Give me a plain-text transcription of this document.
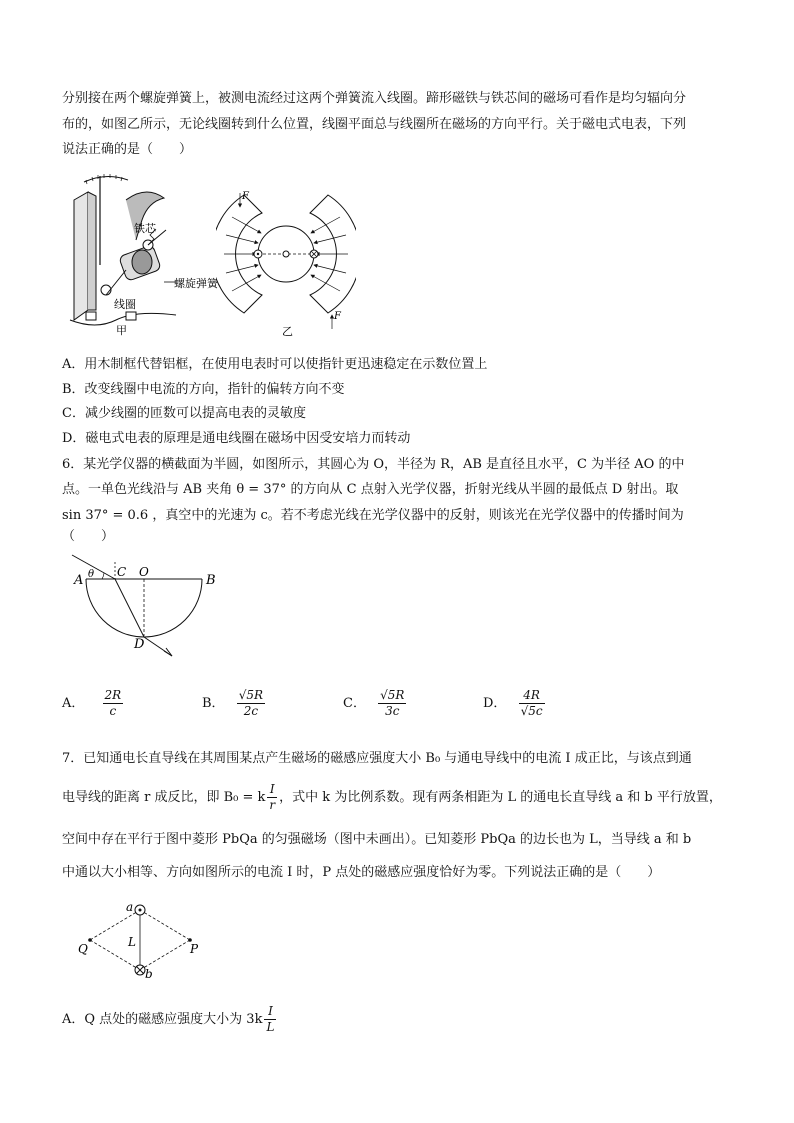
分别接在两个螺旋弹簧上，被测电流经过这两个弹簧流入线圈。蹄形磁铁与铁芯间的磁场可看作是均匀辐向分
布的，如图乙所示，无论线圈转到什么位置，线圈平面总与线圈所在磁场的方向平行。关于磁电式电表，下列
说法正确的是（　　）
铁芯
螺旋弹簧
线圈
甲
F
F
乙
A．用木制框代替铝框，在使用电表时可以使指针更迅速稳定在示数位置上
B．改变线圈中电流的方向，指针的偏转方向不变
C．减少线圈的匝数可以提高电表的灵敏度
D．磁电式电表的原理是通电线圈在磁场中因受安培力而转动
6．某光学仪器的横截面为半圆，如图所示，其圆心为 O，半径为 R，AB 是直径且水平，C 为半径 AO 的中
点。一单色光线沿与 AB 夹角 θ = 37° 的方向从 C 点射入光学仪器，折射光线从半圆的最低点 D 射出。取
sin 37° = 0.6 ，真空中的光速为 c。若不考虑光线在光学仪器中的反射，则该光在光学仪器中的传播时间为
（　　）
A	B
C O
D
θ
A． $\frac{2R}{c}$	B． $\frac{√5R}{2c}$	C． $\frac{√5R}{3c}$	D． $\frac{4R}{√5c}$
7．已知通电长直导线在其周围某点产生磁场的磁感应强度大小 B₀ 与通电导线中的电流 I 成正比，与该点到通
电导线的距离 r 成反比，即 B₀ = k $\frac{I}{r}$ ，式中 k 为比例系数。现有两条相距为 L 的通电长直导线 a 和 b 平行放置，
空间中存在平行于图中菱形 PbQa 的匀强磁场（图中未画出）。已知菱形 PbQa 的边长也为 L，当导线 a 和 b
中通以大小相等、方向如图所示的电流 I 时，P 点处的磁感应强度恰好为零。下列说法正确的是（　　）
a
b
Q	P
L
A．Q 点处的磁感应强度大小为 $3k \frac{I}{L}$
